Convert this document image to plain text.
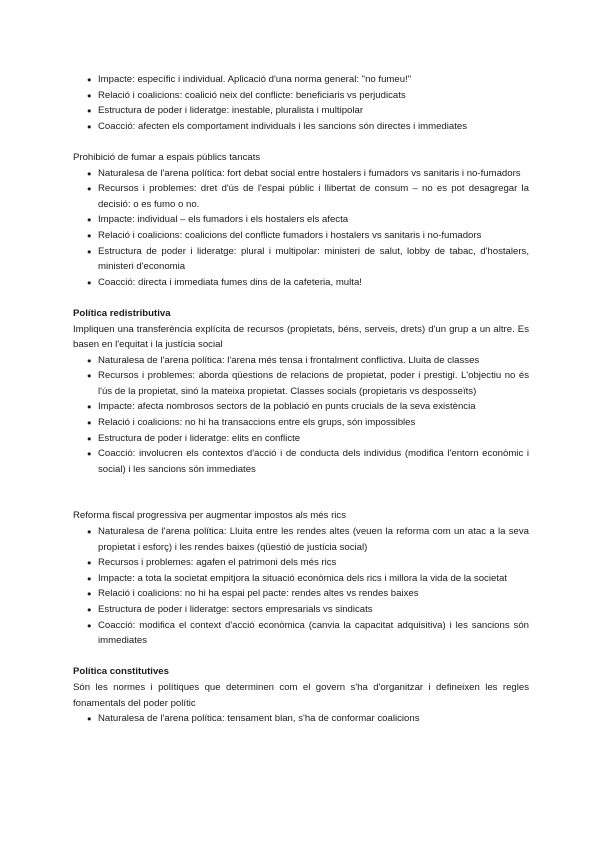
● Impacte: específic i individual. Aplicació d'una norma general: "no fumeu!"
● Relació i coalicions: coalició neix del conflicte: beneficiaris vs perjudicats
● Estructura de poder i lideratge: inestable, pluralista i multipolar
● Coacció: afecten els comportament individuals i les sancions són directes i immediates

Prohibició de fumar a espais públics tancats

● Naturalesa de l'arena política: fort debat social entre hostalers i fumadors vs sanitaris i no-fumadors
● Recursos i problemes: dret d'ús de l'espai públic i llibertat de consum – no es pot desagregar la decisió: o es fumo o no.
● Impacte: individual – els fumadors i els hostalers els afecta
● Relació i coalicions: coalicions del conflicte fumadors i hostalers vs sanitaris i no-fumadors
● Estructura de poder i lideratge: plural i multipolar: ministeri de salut, lobby de tabac, d'hostalers, ministeri d'economia
● Coacció: directa i immediata fumes dins de la cafeteria, multa!
Política redistributiva

Impliquen una transferència explícita de recursos (propietats, béns, serveis, drets) d'un grup a un altre. Es basen en l'equitat i la justícia social

● Naturalesa de l'arena política: l'arena més tensa i frontalment conflictiva. Lluita de classes
● Recursos i problemes: aborda qüestions de relacions de propietat, poder i prestigi. L'objectiu no és l'ús de la propietat, sinó la mateixa propietat. Classes socials (propietaris vs desposseïts)
● Impacte: afecta nombrosos sectors de la població en punts crucials de la seva existència
● Relació i coalicions: no hi ha transaccions entre els grups, són impossibles
● Estructura de poder i lideratge: elits en conflicte
● Coacció: involucren els contextos d'acció i de conducta dels individus (modifica l'entorn econòmic i social) i les sancions són immediates

Reforma fiscal progressiva per augmentar impostos als més rics

● Naturalesa de l'arena política: Lluita entre les rendes altes (veuen la reforma com un atac a la seva propietat i esforç) i les rendes baixes (qüestió de justícia social)
● Recursos i problemes: agafen el patrimoni dels més rics
● Impacte: a tota la societat empitjora la situació econòmica dels rics i millora la vida de la societat
● Relació i coalicions: no hi ha espai pel pacte: rendes altes vs rendes baixes
● Estructura de poder i lideratge: sectors empresarials vs sindicats
● Coacció: modifica el context d'acció econòmica (canvia la capacitat adquisitiva) i les sancions són immediates
Política constitutives

Són les normes i polítiques que determinen com el govern s'ha d'organitzar i defineixen les regles fonamentals del poder polític

● Naturalesa de l'arena política: tensament blan, s'ha de conformar coalicions
